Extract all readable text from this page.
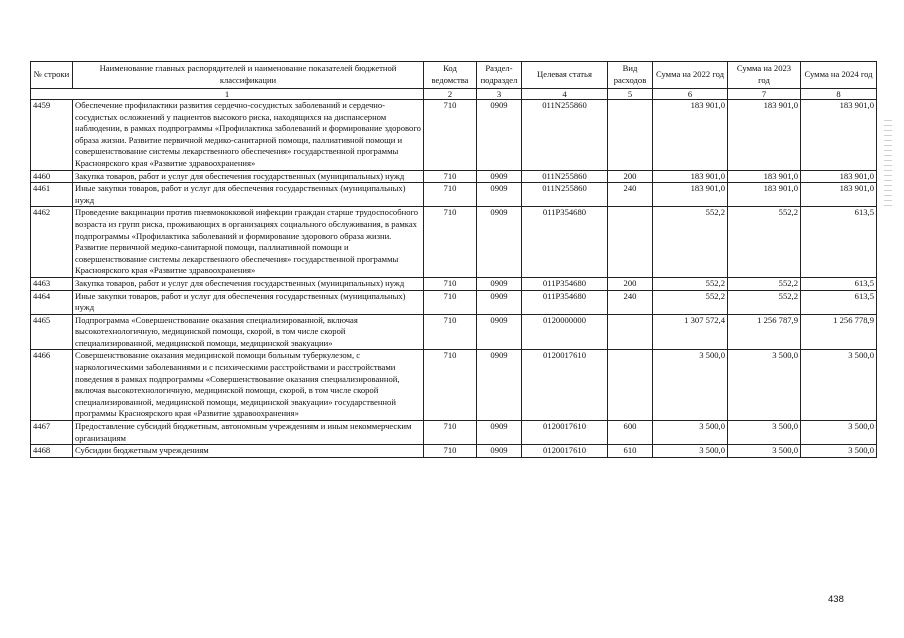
№ строки	Наименование главных распорядителей и наименование показателей бюджетной классификации	Код ведомства	Раздел-подраздел	Целевая статья	Вид расходов	Сумма на 2022 год	Сумма на 2023 год	Сумма на 2024 год
1		2	3	4	5	6	7	8
4459	Обеспечение профилактики развития сердечно-сосудистых заболеваний и сердечно-сосудистых осложнений у пациентов высокого риска, находящихся на диспансерном наблюдении, в рамках подпрограммы «Профилактика заболеваний и формирование здорового образа жизни. Развитие первичной медико-санитарной помощи, паллиативной помощи и совершенствование системы лекарственного обеспечения» государственной программы Красноярского края «Развитие здравоохранения»	710	0909	011N255860		183 901,0	183 901,0	183 901,0
4460	Закупка товаров, работ и услуг для обеспечения государственных (муниципальных) нужд	710	0909	011N255860	200	183 901,0	183 901,0	183 901,0
4461	Иные закупки товаров, работ и услуг для обеспечения государственных (муниципальных) нужд	710	0909	011N255860	240	183 901,0	183 901,0	183 901,0
4462	Проведение вакцинации против пневмококковой инфекции граждан старше трудоспособного возраста из групп риска, проживающих в организациях социального обслуживания, в рамках подпрограммы «Профилактика заболеваний и формирование здорового образа жизни. Развитие первичной медико-санитарной помощи, паллиативной помощи и совершенствование системы лекарственного обеспечения» государственной программы Красноярского края «Развитие здравоохранения»	710	0909	011P354680		552,2	552,2	613,5
4463	Закупка товаров, работ и услуг для обеспечения государственных (муниципальных) нужд	710	0909	011P354680	200	552,2	552,2	613,5
4464	Иные закупки товаров, работ и услуг для обеспечения государственных (муниципальных) нужд	710	0909	011P354680	240	552,2	552,2	613,5
4465	Подпрограмма «Совершенствование оказания специализированной, включая высокотехнологичную, медицинской помощи, скорой, в том числе скорой специализированной, медицинской помощи, медицинской эвакуации»	710	0909	0120000000		1 307 572,4	1 256 787,9	1 256 778,9
4466	Совершенствование оказания медицинской помощи больным туберкулезом, с наркологическими заболеваниями и с психическими расстройствами и расстройствами поведения в рамках подпрограммы «Совершенствование оказания специализированной, включая высокотехнологичную, медицинской помощи, скорой, в том числе скорой специализированной, медицинской помощи, медицинской эвакуации» государственной программы Красноярского края «Развитие здравоохранения»	710	0909	0120017610		3 500,0	3 500,0	3 500,0
4467	Предоставление субсидий бюджетным, автономным учреждениям и иным некоммерческим организациям	710	0909	0120017610	600	3 500,0	3 500,0	3 500,0
4468	Субсидии бюджетным учреждениям	710	0909	0120017610	610	3 500,0	3 500,0	3 500,0
438
